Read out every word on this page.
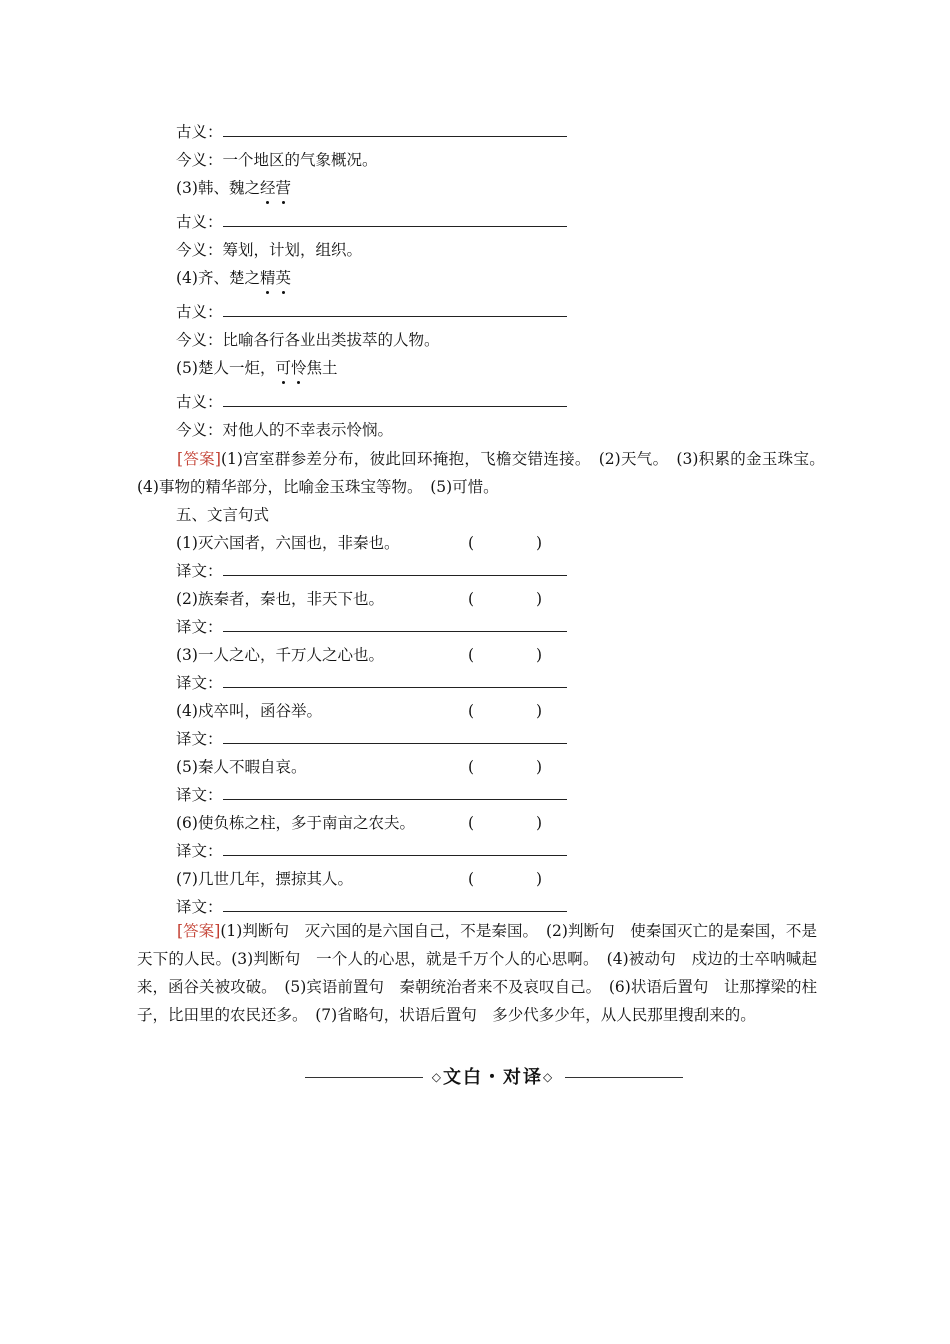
古义：
今义：一个地区的气象概况。
(3)韩、魏之经营
古义：
今义：筹划，计划，组织。
(4)齐、楚之精英
古义：
今义：比喻各行各业出类拔萃的人物。
(5)楚人一炬，可怜焦土
古义：
今义：对他人的不幸表示怜悯。
[答案](1)宫室群参差分布，彼此回环掩抱，飞檐交错连接。　(2)天气。　(3)积累的金玉珠宝。　(4)事物的精华部分，比喻金玉珠宝等物。　(5)可惜。
五、文言句式
(1)灭六国者，六国也，非秦也。	(　　　　)
译文：
(2)族秦者，秦也，非天下也。	(　　　　)
译文：
(3)一人之心，千万人之心也。	(　　　　)
译文：
(4)戍卒叫，函谷举。	(　　　　)
译文：
(5)秦人不暇自哀。	(　　　　)
译文：
(6)使负栋之柱，多于南亩之农夫。	(　　　　)
译文：
(7)几世几年，摽掠其人。	(　　　　)
译文：
[答案](1)判断句　灭六国的是六国自己，不是秦国。　(2)判断句　使秦国灭亡的是秦国，不是天下的人民。(3)判断句　一个人的心思，就是千万个人的心思啊。　(4)被动句　戍边的士卒呐喊起来，函谷关被攻破。　(5)宾语前置句　秦朝统治者来不及哀叹自己。　(6)状语后置句　让那撑梁的柱子，比田里的农民还多。　(7)省略句，状语后置句　多少代多少年，从人民那里搜刮来的。
◇文白・对译◇
